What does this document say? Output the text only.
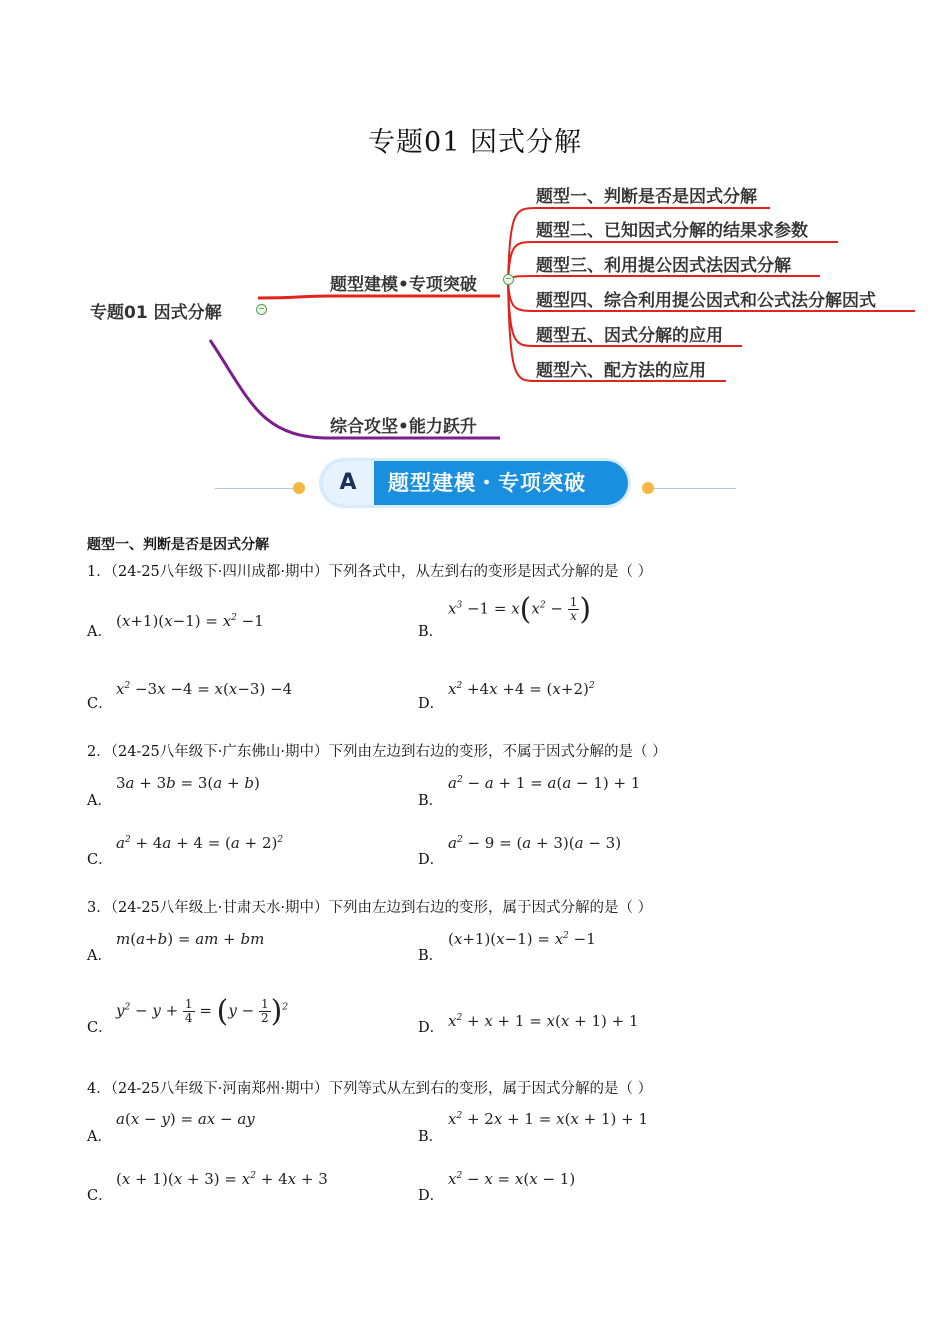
专题01 因式分解
专题01 因式分解	−
题型建模•专项突破	−
综合攻坚•能力跃升
题型一、判断是否是因式分解
题型二、已知因式分解的结果求参数
题型三、利用提公因式法因式分解
题型四、综合利用提公因式和公式法分解因式
题型五、因式分解的应用
题型六、配方法的应用
A	题型建模・专项突破
题型一、判断是否是因式分解
1．（24-25八年级下·四川成都·期中）下列各式中，从左到右的变形是因式分解的是（ ）
A．
$(x+1)(x-1) = x^2 -1$
B．
$x^3 -1 = x(x^2 - \frac{1}{x}$ )
C．
$x^2 -3x -4 = x(x-3) -4$
D．
$x^2 +4x +4 = (x+2)^2$
2．（24-25八年级下·广东佛山·期中）下列由左边到右边的变形，不属于因式分解的是（ ）
A．
3a + 3b = 3(a + b)
B．
$a^2 - a + 1 = a(a - 1) + 1$
C．
$a^2 + 4a + 4 = (a + 2)^2$
D．
$a^2 - 9 = (a + 3)(a - 3)$
3．（24-25八年级上·甘肃天水·期中）下列由左边到右边的变形，属于因式分解的是（ ）
A．
m(a+b) = am + bm
B．
$(x+1)(x-1) = x^2 -1$
C．
$y^2 - y + \frac{1}{4} = (y - \frac{1}{2} )^2$
D． $x^2 + x + 1 = x(x + 1) + 1$
4．（24-25八年级下·河南郑州·期中）下列等式从左到右的变形，属于因式分解的是（ ）
A．
a(x − y) = ax − ay
B．
$x^2 + 2x + 1 = x(x + 1) + 1$
C．
$(x + 1)(x + 3) = x^2 + 4x + 3$
D．
$x^2 - x = x(x - 1)$
